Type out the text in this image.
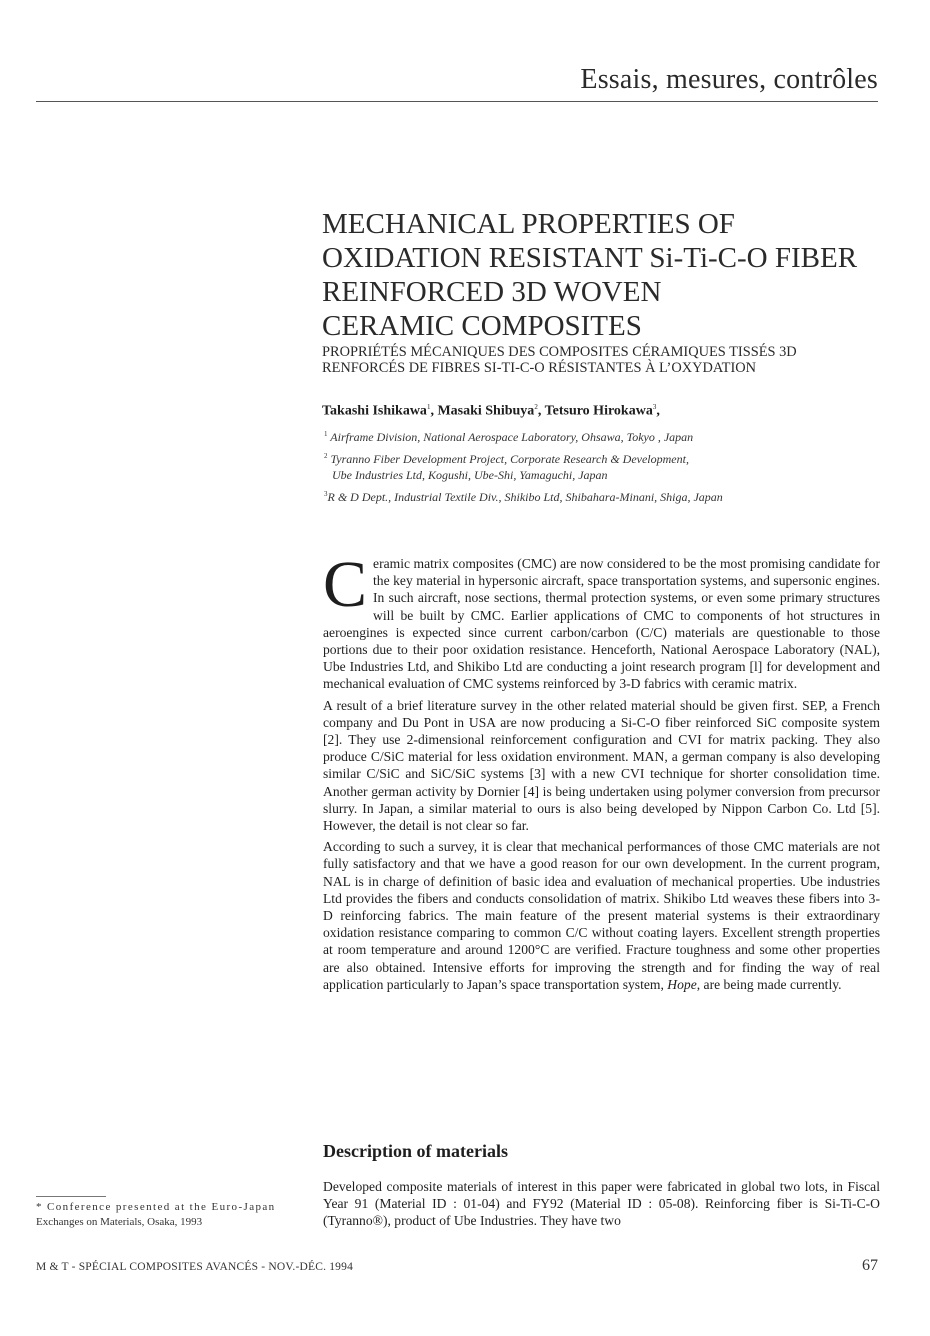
Essais, mesures, contrôles
MECHANICAL PROPERTIES OF
OXIDATION RESISTANT Si-Ti-C-O FIBER
REINFORCED 3D WOVEN
CERAMIC COMPOSITES
PROPRIÉTÉS MÉCANIQUES DES COMPOSITES CÉRAMIQUES TISSÉS 3D
RENFORCÉS DE FIBRES SI-TI-C-O RÉSISTANTES À L’OXYDATION
Takashi Ishikawa$^1$, Masaki Shibuya$^2$, Tetsuro Hirokawa$^3$,
$^1$ Airframe Division, National Aerospace Laboratory, Ohsawa, Tokyo , Japan
$^2$ Tyranno Fiber Development Project, Corporate Research & Development,
Ube Industries Ltd, Kogushi, Ube-Shi, Yamaguchi, Japan
$^3$R & D Dept., Industrial Textile Div., Shikibo Ltd, Shibahara-Minani, Shiga, Japan

Ceramic matrix composites (CMC) are now considered to be the most promising candidate for the key material in hypersonic aircraft, space transportation systems, and supersonic engines. In such aircraft, nose sections, thermal protection systems, or even some primary structures will be built by CMC. Earlier applications of CMC to components of hot structures in aeroengines is expected since current carbon/carbon (C/C) materials are questionable to those portions due to their poor oxidation resistance. Henceforth, National Aerospace Laboratory (NAL), Ube Industries Ltd, and Shikibo Ltd are conducting a joint research program [l] for development and mechanical evaluation of CMC systems reinforced by 3-D fabrics with ceramic matrix.

A result of a brief literature survey in the other related material should be given first. SEP, a French company and Du Pont in USA are now producing a Si-C-O fiber reinforced SiC composite system [2]. They use 2-dimensional reinforcement configuration and CVI for matrix packing. They also produce C/SiC material for less oxidation environment. MAN, a german company is also developing similar C/SiC and SiC/SiC systems [3] with a new CVI technique for shorter consolidation time. Another german activity by Dornier [4] is being undertaken using polymer conversion from precursor slurry. In Japan, a similar material to ours is also being developed by Nippon Carbon Co. Ltd [5]. However, the detail is not clear so far.

According to such a survey, it is clear that mechanical performances of those CMC materials are not fully satisfactory and that we have a good reason for our own development. In the current program, NAL is in charge of definition of basic idea and evaluation of mechanical properties. Ube industries Ltd provides the fibers and conducts consolidation of matrix. Shikibo Ltd weaves these fibers into 3-D reinforcing fabrics. The main feature of the present material systems is their extraordinary oxidation resistance comparing to common C/C without coating layers. Excellent strength properties at room temperature and around 1200°C are verified. Fracture toughness and some other properties are also obtained. Intensive efforts for improving the strength and for finding the way of real application particularly to Japan’s space transportation system, Hope, are being made currently.

Description of materials
Developed composite materials of interest in this paper were fabricated in global two lots, in Fiscal Year 91 (Material ID : 01-04) and FY92 (Material ID : 05-08). Reinforcing fiber is Si-Ti-C-O (Tyranno®), product of Ube Industries. They have two
* Conference presented at the Euro-Japan
Exchanges on Materials, Osaka, 1993
M & T - SPÉCIAL COMPOSITES AVANCÉS - NOV.-DÉC. 1994	67
